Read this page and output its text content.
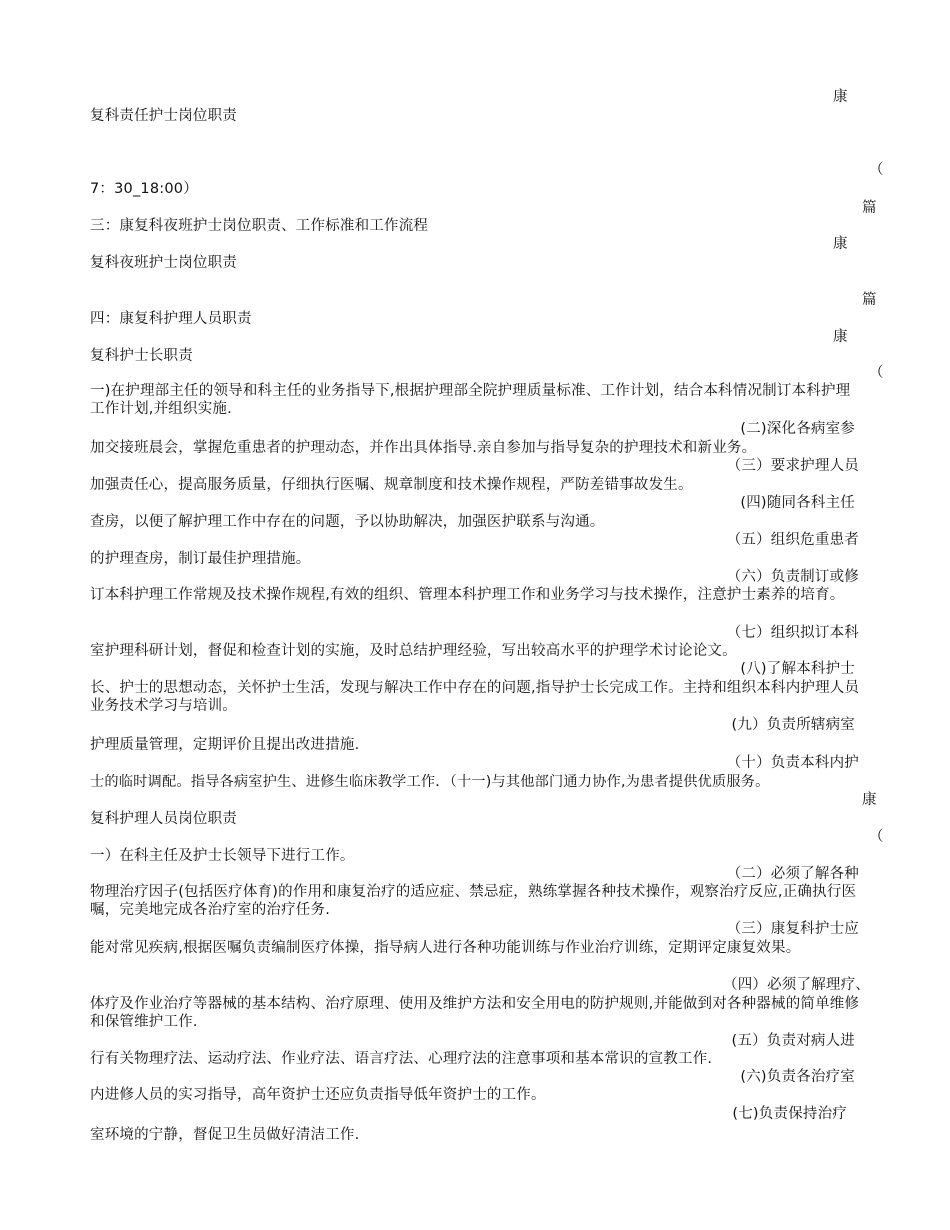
康
复科责任护士岗位职责
（
7：30_18:00）
篇
三：康复科夜班护士岗位职责、工作标准和工作流程
康
复科夜班护士岗位职责
篇
四：康复科护理人员职责
康
复科护士长职责
（
一)在护理部主任的领导和科主任的业务指导下,根据护理部全院护理质量标准、工作计划，结合本科情况制订本科护理工作计划,并组织实施.
(二)深化各病室参
加交接班晨会，掌握危重患者的护理动态，并作出具体指导.亲自参加与指导复杂的护理技术和新业务。
（三）要求护理人员
加强责任心，提高服务质量，仔细执行医嘱、规章制度和技术操作规程，严防差错事故发生。
(四)随同各科主任
查房，以便了解护理工作中存在的问题，予以协助解决，加强医护联系与沟通。
（五）组织危重患者
的护理查房，制订最佳护理措施。
（六）负责制订或修
订本科护理工作常规及技术操作规程,有效的组织、管理本科护理工作和业务学习与技术操作，注意护士素养的培育。
（七）组织拟订本科
室护理科研计划，督促和检查计划的实施，及时总结护理经验，写出较高水平的护理学术讨论论文。
(八)了解本科护士
长、护士的思想动态，关怀护士生活，发现与解决工作中存在的问题,指导护士长完成工作。主持和组织本科内护理人员业务技术学习与培训。
(九）负责所辖病室
护理质量管理，定期评价且提出改进措施.
（十）负责本科内护
士的临时调配。指导各病室护生、进修生临床教学工作．（十一)与其他部门通力协作,为患者提供优质服务。
康
复科护理人员岗位职责
（
一）在科主任及护士长领导下进行工作。
（二）必须了解各种
物理治疗因子(包括医疗体育)的作用和康复治疗的适应症、禁忌症，熟练掌握各种技术操作，观察治疗反应,正确执行医嘱，完美地完成各治疗室的治疗任务.
（三）康复科护士应
能对常见疾病,根据医嘱负责编制医疗体操，指导病人进行各种功能训练与作业治疗训练，定期评定康复效果。
（四）必须了解理疗、
体疗及作业治疗等器械的基本结构、治疗原理、使用及维护方法和安全用电的防护规则,并能做到对各种器械的简单维修和保管维护工作.
(五）负责对病人进
行有关物理疗法、运动疗法、作业疗法、语言疗法、心理疗法的注意事项和基本常识的宣教工作.
(六)负责各治疗室
内进修人员的实习指导，高年资护士还应负责指导低年资护士的工作。
(七)负责保持治疗
室环境的宁静，督促卫生员做好清洁工作.
